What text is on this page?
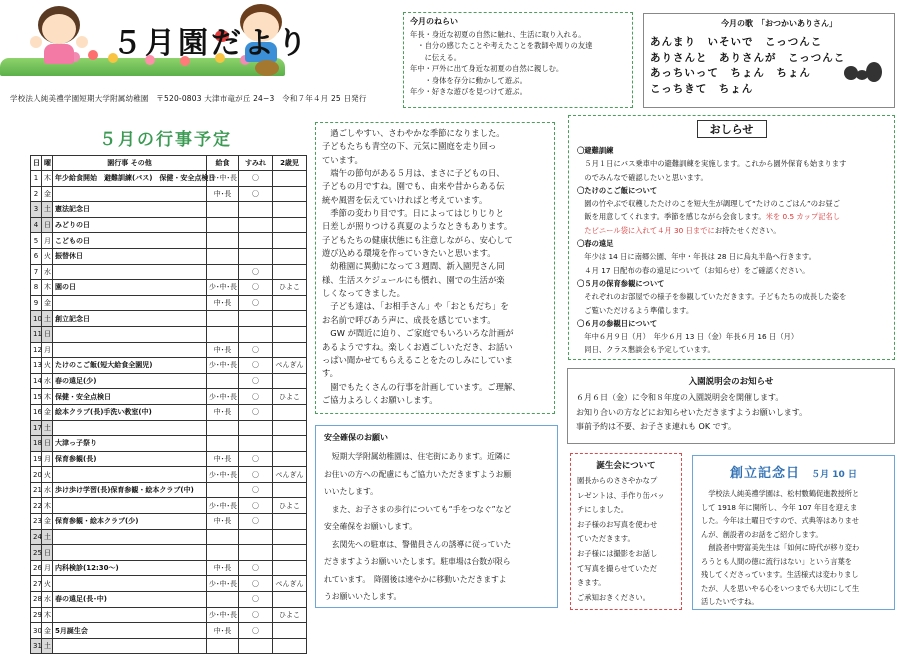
５月園だより
学校法人純美禮学園短期大学附属幼稚園　〒520-0803 大津市竜が丘 24−3　令和７年４月 25 日発行
５月の行事予定
日	曜	園行事 その他	給食	すみれ	2歳児
1	木	年少給食開始　避難訓練(バス)　保健・安全点検日	少･中･長	〇	
2	金		中･長	〇	
3	土	憲法記念日			
4	日	みどりの日			
5	月	こどもの日			
6	火	振替休日			
7	水			〇	
8	木	園の日	少･中･長	〇	ひよこ
9	金		中･長	〇	
10	土	創立記念日			
11	日				
12	月		中･長	〇	
13	火	たけのこご飯(短大給食全園児)	少･中･長	〇	ぺんぎん
14	水	春の遠足(少)		〇	
15	木	保健・安全点検日	少･中･長	〇	ひよこ
16	金	絵本クラブ(長)手洗い教室(中)	中･長	〇	
17	土				
18	日	大津っ子祭り			
19	月	保育参観(長)	中･長	〇	
20	火		少･中･長	〇	ぺんぎん
21	水	歩け歩け学習(長)保育参観・絵本クラブ(中)		〇	
22	木		少･中･長	〇	ひよこ
23	金	保育参観・絵本クラブ(少)	中･長	〇	
24	土				
25	日				
26	月	内科検診(12:30〜)	中･長	〇	
27	火		少･中･長	〇	ぺんぎん
28	水	春の遠足(長･中)		〇	
29	木		少･中･長	〇	ひよこ
30	金	5月誕生会	中･長	〇	
31	土				
今月のねらい
年長・身近な初夏の自然に触れ、生活に取り入れる。
　・自分の感じたことや考えたことを教師や周りの友達
　　に伝える。
年中・戸外に出て身近な初夏の自然に親しむ。
　　・身体を存分に動かして遊ぶ。
年少・好きな遊びを見つけて遊ぶ。
今月の歌　「おつかいありさん」
あんまり　いそいで　こっつんこ
ありさんと　ありさんが　こっつんこ
あっちいって　ちょん　ちょん
こっちきて　ちょん
　過ごしやすい、さわやかな季節になりました。
子どもたちも青空の下、元気に園庭を走り回っ
ています。
　端午の節句がある５月は、まさに子どもの日、
子どもの月ですね。園でも、由来や昔からある伝
統や風習を伝えていければと考えています。
　季節の変わり目です。日によってはじりじりと
日差しが照りつける真夏のようなときもあります。
子どもたちの健康状態にも注意しながら、安心して
遊び込める環境を作っていきたいと思います。
　幼稚園に異動になって３週間、新入園児さん同
様、生活スケジュールにも慣れ、園での生活が楽
しくなってきました。
　子ども達は、「お相手さん」や「おともだち」を
お名前で呼びあう声に、成長を感じています。
　GW が間近に迫り、ご家庭でもいろいろな計画が
あるようですね。楽しくお過ごしいただき、お話い
っぱい聞かせてもらえることをたのしみにしていま
す。
　園でもたくさんの行事を計画しています。ご理解、
ご協力よろしくお願いします。
安全確保のお願い
　短期大学附属幼稚園は、住宅街にあります。近隣に
お住いの方への配慮にもご協力いただきますようお願
いいたします。
　また、お子さまの歩行についても“手をつなぐ”など
安全確保をお願いします。
　玄関先への駐車は、警備員さんの誘導に従っていた
だきますようお願いいたします。駐車場は台数が限ら
れています。　降園後は速やかに移動いただきますよ
うお願いいたします。
おしらせ
〇避難訓練
　５月１日にバス乗車中の避難訓練を実施します。これから園外保育も始まります
　のでみんなで確認したいと思います。
〇たけのこご飯について
　園の竹やぶで収穫したたけのこを短大生が調理して“たけのこごはん”のお昼ご
　飯を用意してくれます。季節を感じながら会食します。米を 0.5 カップ記名し
　たビニール袋に入れて４月 30 日までにお持たせください。
〇春の遠足
　年少は 14 日に南郷公園、年中・年長は 28 日に烏丸半島へ行きます。
　４月 17 日配布の春の遠足について（お知らせ）をご確認ください。
〇５月の保育参観について
　それぞれのお部屋での様子を参観していただきます。子どもたちの成長した姿を
　ご覧いただけるよう準備します。
〇６月の参観日について
　年中６月９日（月）　年少６月 13 日（金）年長６月 16 日（月）
　同日、クラス懇談会も予定しています。
入園説明会のお知らせ
６月６日（金）に令和８年度の入園説明会を開催します。
お知り合いの方などにお知らせいただきますようお願いします。
事前予約は不要、お子さま連れも OK です。
誕生会について
園長からのささやかなプ
レゼントは、手作り缶バッ
チにしました。
お子様のお写真を使わせ
ていただきます。
お子様には撮影をお話し
て写真を撮らせていただ
きます。
ご承知おきください。
創立記念日 ５月 10 日
　学校法人純美禮学園は、松村數鶴促進教授所と
して 1918 年に開所し、今年 107 年目を迎えま
した。今年は土曜日ですので、式典等はありませ
んが、創設者のお話をご紹介します。
　創設者中野富美先生は「如何に時代が移り変わ
ろうとも人間の徳に流行はない」という言葉を
残してくださっています。生活様式は変わりまし
たが、人を思いやる心をいつまでも大切にして生
活したいですね。
